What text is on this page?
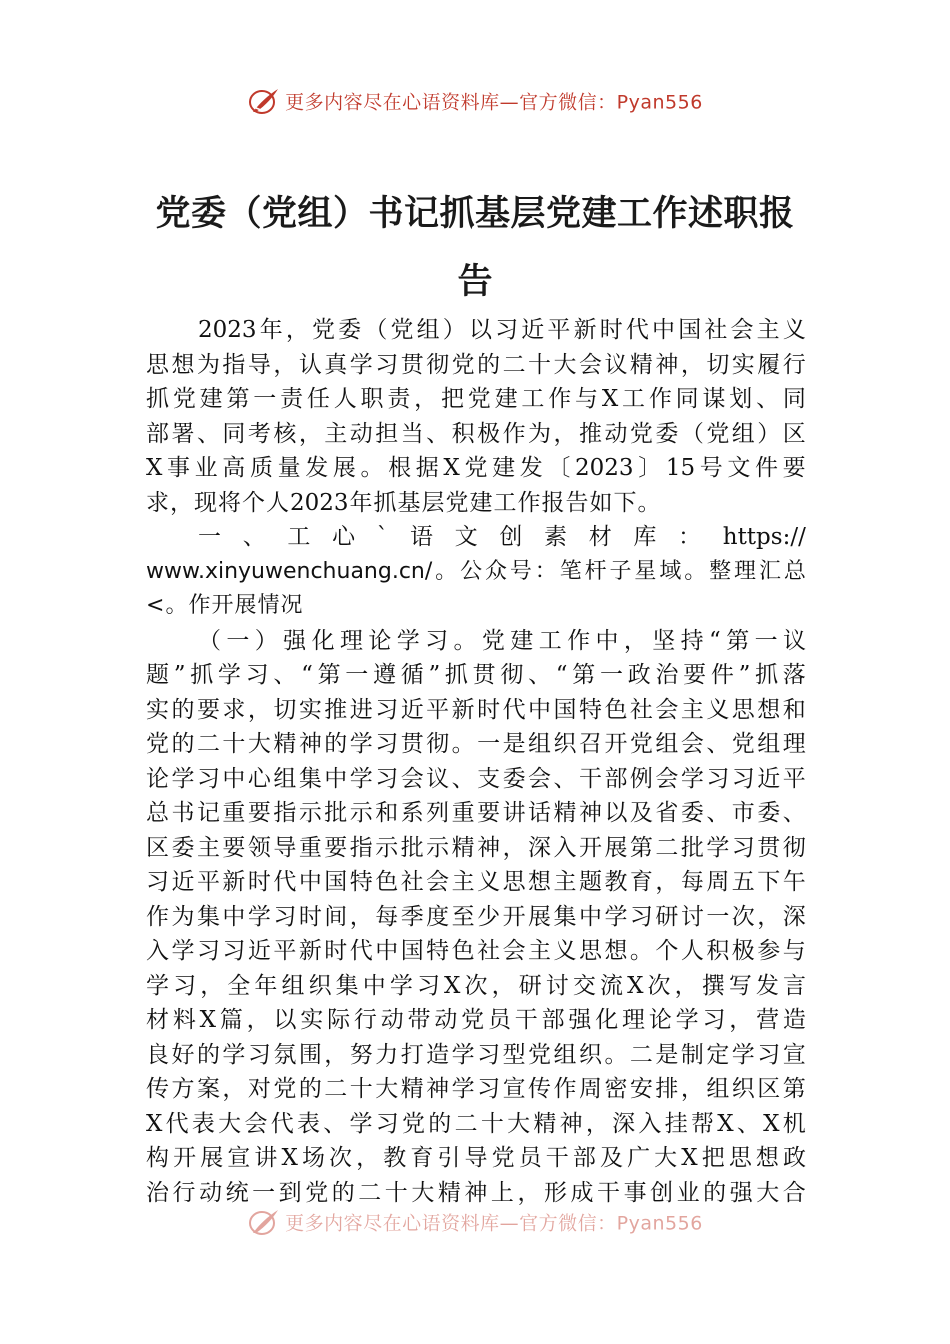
更多内容尽在心语资料库—官方微信：Pyan556
党委（党组）书记抓基层党建工作述职报
告
2023 年 ， 党 委 （ 党 组 ） 以 习 近 平 新 时 代 中 国 社 会 主 义
思 想 为 指 导 ， 认 真 学 习 贯 彻 党 的 二 十 大 会 议 精 神 ， 切 实 履 行
抓 党 建 第 一 责 任 人 职 责 ， 把 党 建 工 作 与 X 工 作 同 谋 划 、 同
部 署 、 同 考 核 ， 主 动 担 当 、 积 极 作 为 ， 推 动 党 委 （ 党 组 ） 区
X 事 业 高 质 量 发 展 。 根 据 X 党 建 发 〔 2023 〕 15 号 文 件 要
求 ， 现 将 个 人 2023 年 抓 基 层 党 建 工 作 报 告 如 下 。
一 、 工 心 ` 语 文 创 素 材 库 ： https://
www.xinyuwenchuang.cn/ 。 公 众 号 ： 笔 杆 子 星 域 。 整 理 汇 总
< 。 作 开 展 情 况
（ 一 ） 强 化 理 论 学 习 。 党 建 工 作 中 ， 坚 持 “ 第 一 议
题 ” 抓 学 习 、 “ 第 一 遵 循 ” 抓 贯 彻 、 “ 第 一 政 治 要 件 ” 抓 落
实 的 要 求 ， 切 实 推 进 习 近 平 新 时 代 中 国 特 色 社 会 主 义 思 想 和
党 的 二 十 大 精 神 的 学 习 贯 彻 。 一 是 组 织 召 开 党 组 会 、 党 组 理
论 学 习 中 心 组 集 中 学 习 会 议 、 支 委 会 、 干 部 例 会 学 习 习 近 平
总 书 记 重 要 指 示 批 示 和 系 列 重 要 讲 话 精 神 以 及 省 委 、 市 委 、
区 委 主 要 领 导 重 要 指 示 批 示 精 神 ， 深 入 开 展 第 二 批 学 习 贯 彻
习 近 平 新 时 代 中 国 特 色 社 会 主 义 思 想 主 题 教 育 ， 每 周 五 下 午
作 为 集 中 学 习 时 间 ， 每 季 度 至 少 开 展 集 中 学 习 研 讨 一 次 ， 深
入 学 习 习 近 平 新 时 代 中 国 特 色 社 会 主 义 思 想 。 个 人 积 极 参 与
学 习 ， 全 年 组 织 集 中 学 习 X 次 ， 研 讨 交 流 X 次 ， 撰 写 发 言
材 料 X 篇 ， 以 实 际 行 动 带 动 党 员 干 部 强 化 理 论 学 习 ， 营 造
良 好 的 学 习 氛 围 ， 努 力 打 造 学 习 型 党 组 织 。 二 是 制 定 学 习 宣
传 方 案 ， 对 党 的 二 十 大 精 神 学 习 宣 传 作 周 密 安 排 ， 组 织 区 第
X 代 表 大 会 代 表 、 学 习 党 的 二 十 大 精 神 ， 深 入 挂 帮 X 、 X 机
构 开 展 宣 讲 X 场 次 ， 教 育 引 导 党 员 干 部 及 广 大 X 把 思 想 政
治 行 动 统 一 到 党 的 二 十 大 精 神 上 ， 形 成 干 事 创 业 的 强 大 合
更多内容尽在心语资料库—官方微信：Pyan556
